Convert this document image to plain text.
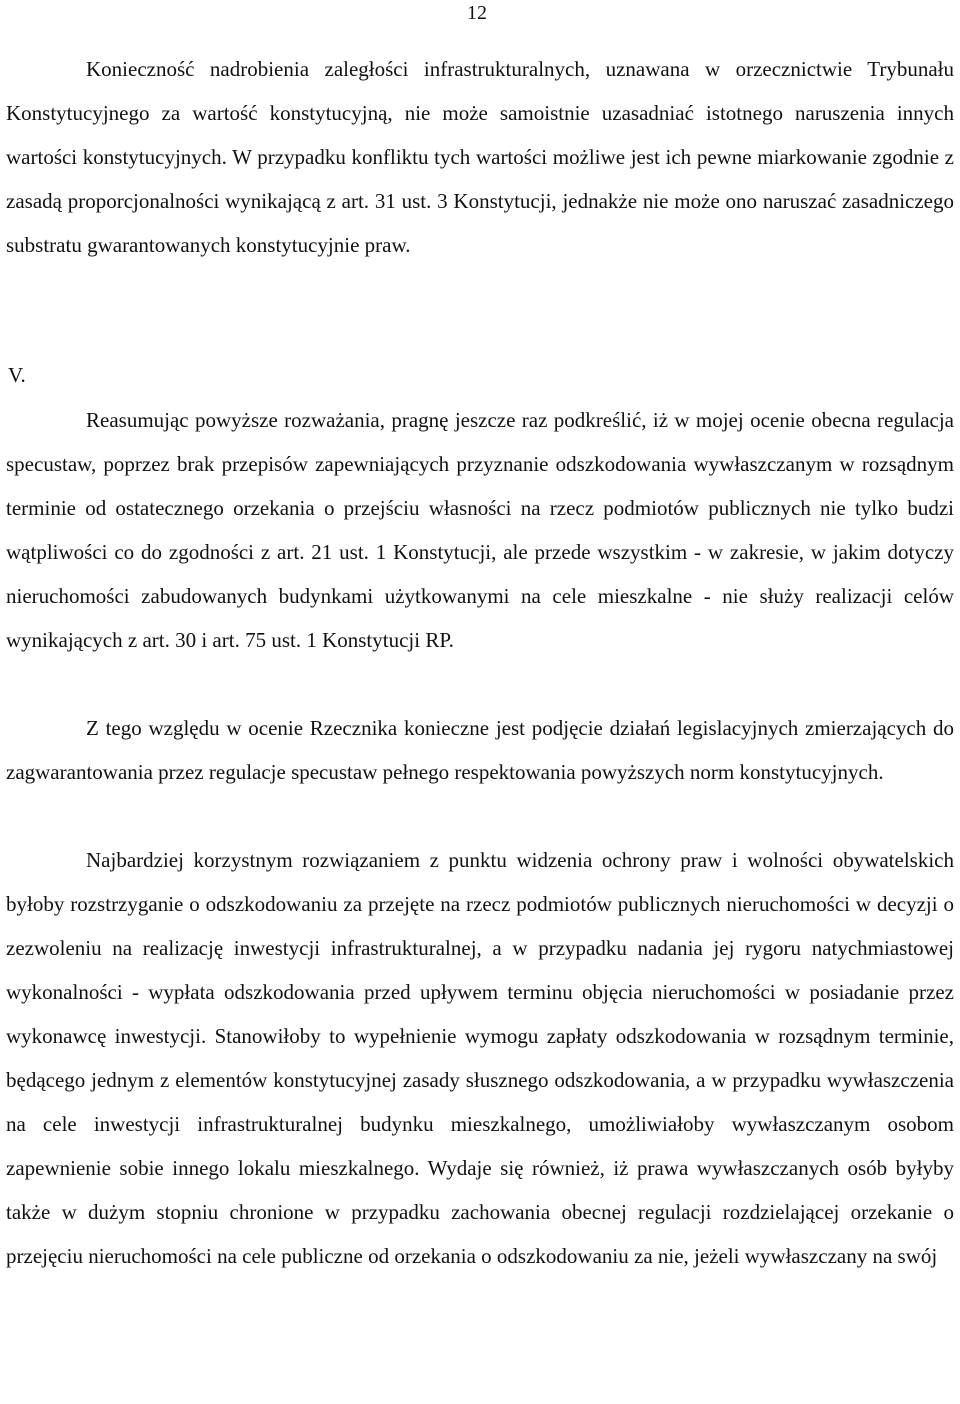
12

Konieczność nadrobienia zaległości infrastrukturalnych, uznawana w orzecznictwie Trybunału Konstytucyjnego za wartość konstytucyjną, nie może samoistnie uzasadniać istotnego naruszenia innych wartości konstytucyjnych. W przypadku konfliktu tych wartości możliwe jest ich pewne miarkowanie zgodnie z zasadą proporcjonalności wynikającą z art. 31 ust. 3 Konstytucji, jednakże nie może ono naruszać zasadniczego substratu gwarantowanych konstytucyjnie praw.

V.

Reasumując powyższe rozważania, pragnę jeszcze raz podkreślić, iż w mojej ocenie obecna regulacja specustaw, poprzez brak przepisów zapewniających przyznanie odszkodowania wywłaszczanym w rozsądnym terminie od ostatecznego orzekania o przejściu własności na rzecz podmiotów publicznych nie tylko budzi wątpliwości co do zgodności z art. 21 ust. 1 Konstytucji, ale przede wszystkim - w zakresie, w jakim dotyczy nieruchomości zabudowanych budynkami użytkowanymi na cele mieszkalne - nie służy realizacji celów wynikających z art. 30 i art. 75 ust. 1 Konstytucji RP.

Z tego względu w ocenie Rzecznika konieczne jest podjęcie działań legislacyjnych zmierzających do zagwarantowania przez regulacje specustaw pełnego respektowania powyższych norm konstytucyjnych.

Najbardziej korzystnym rozwiązaniem z punktu widzenia ochrony praw i wolności obywatelskich byłoby rozstrzyganie o odszkodowaniu za przejęte na rzecz podmiotów publicznych nieruchomości w decyzji o zezwoleniu na realizację inwestycji infrastrukturalnej, a w przypadku nadania jej rygoru natychmiastowej wykonalności - wypłata odszkodowania przed upływem terminu objęcia nieruchomości w posiadanie przez wykonawcę inwestycji. Stanowiłoby to wypełnienie wymogu zapłaty odszkodowania w rozsądnym terminie, będącego jednym z elementów konstytucyjnej zasady słusznego odszkodowania, a w przypadku wywłaszczenia na cele inwestycji infrastrukturalnej budynku mieszkalnego, umożliwiałoby wywłaszczanym osobom zapewnienie sobie innego lokalu mieszkalnego. Wydaje się również, iż prawa wywłaszczanych osób byłyby także w dużym stopniu chronione w przypadku zachowania obecnej regulacji rozdzielającej orzekanie o przejęciu nieruchomości na cele publiczne od orzekania o odszkodowaniu za nie, jeżeli wywłaszczany na swój
